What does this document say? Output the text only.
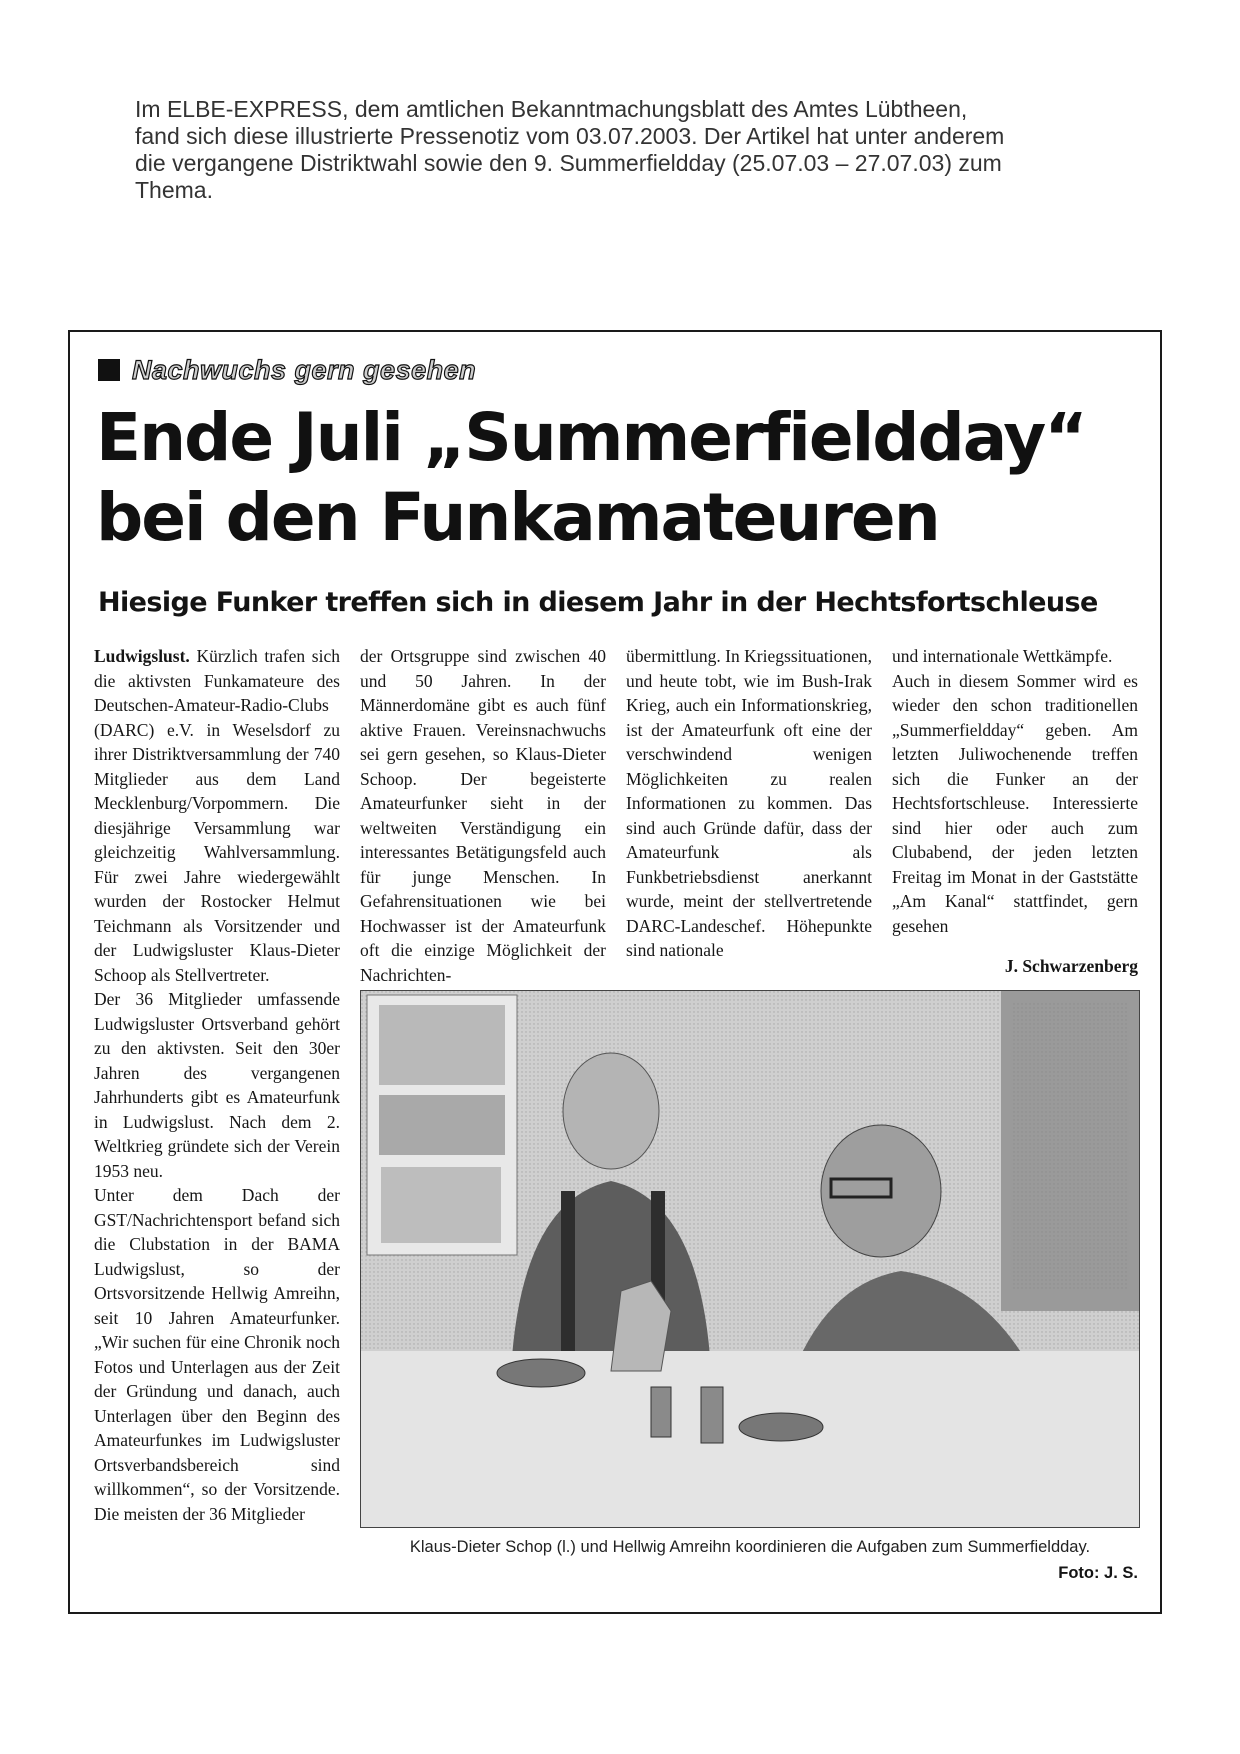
Im ELBE-EXPRESS, dem amtlichen Bekanntmachungsblatt des Amtes Lübtheen,

fand sich diese illustrierte Pressenotiz vom 03.07.2003. Der Artikel hat unter anderem

die vergangene Distriktwahl sowie den 9. Summerfieldday (25.07.03 – 27.07.03) zum

Thema.

Nachwuchs gern gesehen
Ende Juli „Summerfieldday“
bei den Funkamateuren
Hiesige Funker treffen sich in diesem Jahr in der Hechtsfortschleuse

Ludwigslust. Kürzlich trafen sich die aktivsten Funkamateure des Deutschen-Amateur-Radio-Clubs (DARC) e.V. in Weselsdorf zu ihrer Distriktversammlung der 740 Mitglieder aus dem Land Mecklenburg/Vorpommern. Die diesjährige Versammlung war gleichzeitig Wahlversammlung. Für zwei Jahre wiedergewählt wurden der Rostocker Helmut Teichmann als Vorsitzender und der Ludwigsluster Klaus-Dieter Schoop als Stellvertreter.

Der 36 Mitglieder umfassende Ludwigsluster Ortsverband gehört zu den aktivsten. Seit den 30er Jahren des vergangenen Jahrhunderts gibt es Amateurfunk in Ludwigslust. Nach dem 2. Weltkrieg gründete sich der Verein 1953 neu.

Unter dem Dach der GST/Nachrichtensport befand sich die Clubstation in der BAMA Ludwigslust, so der Ortsvorsitzende Hellwig Amreihn, seit 10 Jahren Amateurfunker. „Wir suchen für eine Chronik noch Fotos und Unterlagen aus der Zeit der Gründung und danach, auch Unterlagen über den Beginn des Amateurfunkes im Ludwigsluster Ortsverbandsbereich sind willkommen“, so der Vorsitzende. Die meisten der 36 Mitglieder

der Ortsgruppe sind zwischen 40 und 50 Jahren. In der Männerdomäne gibt es auch fünf aktive Frauen. Vereinsnachwuchs sei gern gesehen, so Klaus-Dieter Schoop. Der begeisterte Amateurfunker sieht in der weltweiten Verständigung ein interessantes Betätigungsfeld auch für junge Menschen. In Gefahrensituationen wie bei Hochwasser ist der Amateurfunk oft die einzige Möglichkeit der Nachrichten-

übermittlung. In Kriegssituationen, und heute tobt, wie im Bush-Irak Krieg, auch ein Informationskrieg, ist der Amateurfunk oft eine der verschwindend wenigen Möglichkeiten zu realen Informationen zu kommen. Das sind auch Gründe dafür, dass der Amateurfunk als Funkbetriebsdienst anerkannt wurde, meint der stellvertretende DARC-Landeschef. Höhepunkte sind nationale

und internationale Wettkämpfe.

Auch in diesem Sommer wird es wieder den schon traditionellen „Summerfieldday“ geben. Am letzten Juliwochenende treffen sich die Funker an der Hechtsfortschleuse. Interessierte sind hier oder auch zum Clubabend, der jeden letzten Freitag im Monat in der Gaststätte „Am Kanal“ stattfindet, gern gesehen

J. Schwarzenberg
Klaus-Dieter Schop (l.) und Hellwig Amreihn koordinieren die Aufgaben zum Summerfieldday.
Foto: J. S.
